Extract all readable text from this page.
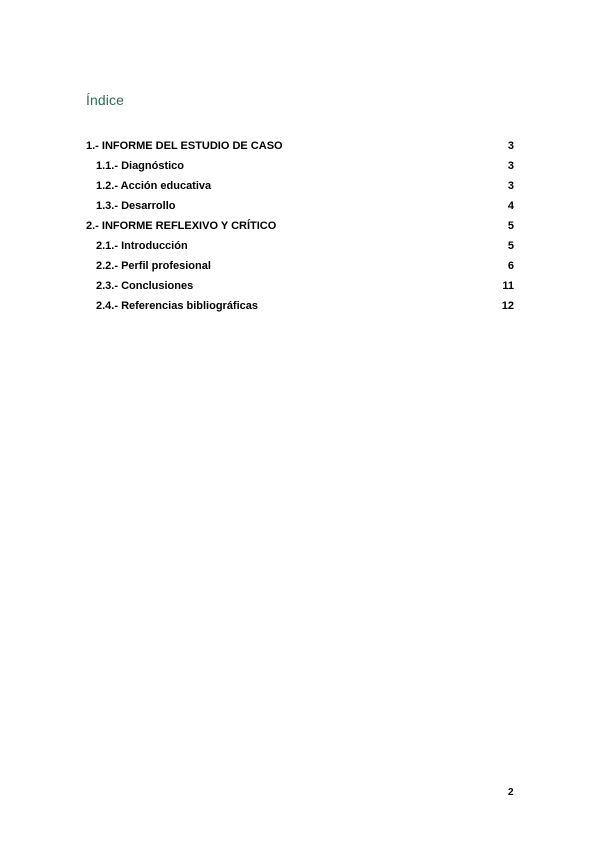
Índice
1.- INFORME DEL ESTUDIO DE CASO	3
1.1.- Diagnóstico	3
1.2.- Acción educativa	3
1.3.- Desarrollo	4
2.- INFORME REFLEXIVO Y CRÍTICO	5
2.1.- Introducción	5
2.2.- Perfil profesional	6
2.3.- Conclusiones	11
2.4.- Referencias bibliográficas	12
2
